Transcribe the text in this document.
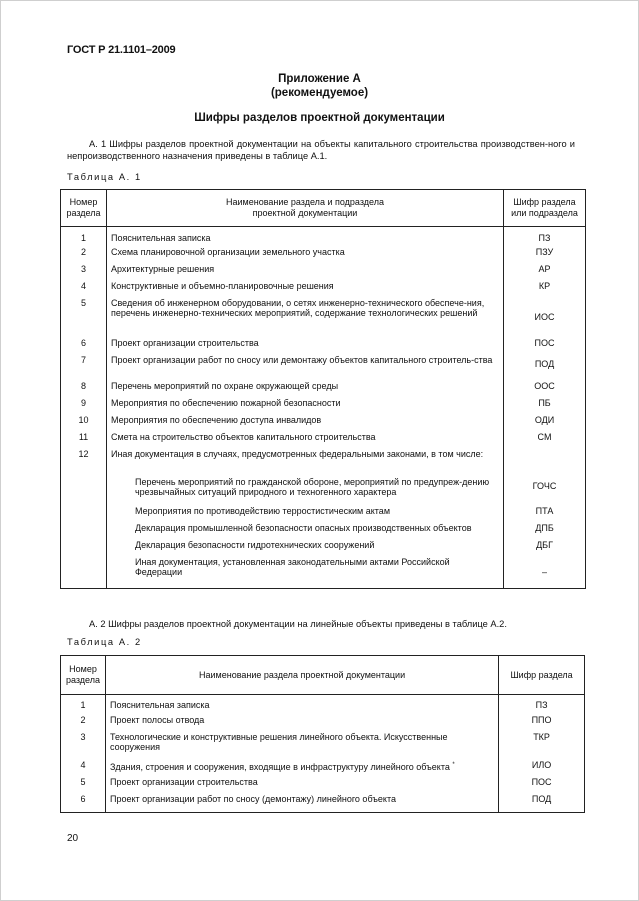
ГОСТ Р 21.1101–2009
Приложение А
(рекомендуемое)
Шифры разделов проектной документации
А. 1 Шифры разделов проектной документации на объекты капитального строительства производствен-ного и непроизводственного назначения приведены в таблице А.1.
Таблица А. 1
Номер раздела	Наименование раздела и подраздела проектной документации	Шифр раздела или подраздела

1	Пояснительная записка	ПЗ

2	Схема планировочной организации земельного участка	ПЗУ

3	Архитектурные решения	АР

4	Конструктивные и объемно-планировочные решения	КР

5	Сведения об инженерном оборудовании, о сетях инженерно-технического обеспече-ния, перечень инженерно-технических мероприятий, содержание технологических решений	ИОС

6	Проект организации строительства	ПОС

7	Проект организации работ по сносу или демонтажу объектов капитального строитель-ства	ПОД

8	Перечень мероприятий по охране окружающей среды	ООС

9	Мероприятия по обеспечению пожарной безопасности	ПБ

10	Мероприятия по обеспечению доступа инвалидов	ОДИ

11	Смета на строительство объектов капитального строительства	СМ

12	Иная документация в случаях, предусмотренных федеральными законами, в том числе:	

	Перечень мероприятий по гражданской обороне, мероприятий по предупреж-дению чрезвычайных ситуаций природного и техногенного характера	ГОЧС

	Мероприятия по противодействию терростистическим актам	ПТА

	Декларация промышленной безопасности опасных производственных объектов	ДПБ

	Декларация безопасности гидротехнических сооружений	ДБГ

	Иная документация, установленная законодательными актами Российской Федерации	–
А. 2 Шифры разделов проектной документации на линейные объекты приведены в таблице А.2.
Таблица А. 2
Номер раздела	Наименование раздела проектной документации	Шифр раздела

1	Пояснительная записка	ПЗ

2	Проект полосы отвода	ППО

3	Технологические и конструктивные решения линейного объекта. Искусственные сооружения	ТКР

4	Здания, строения и сооружения, входящие в инфраструктуру линейного объекта *	ИЛО

5	Проект организации строительства	ПОС

6	Проект организации работ по сносу (демонтажу) линейного объекта	ПОД
20
